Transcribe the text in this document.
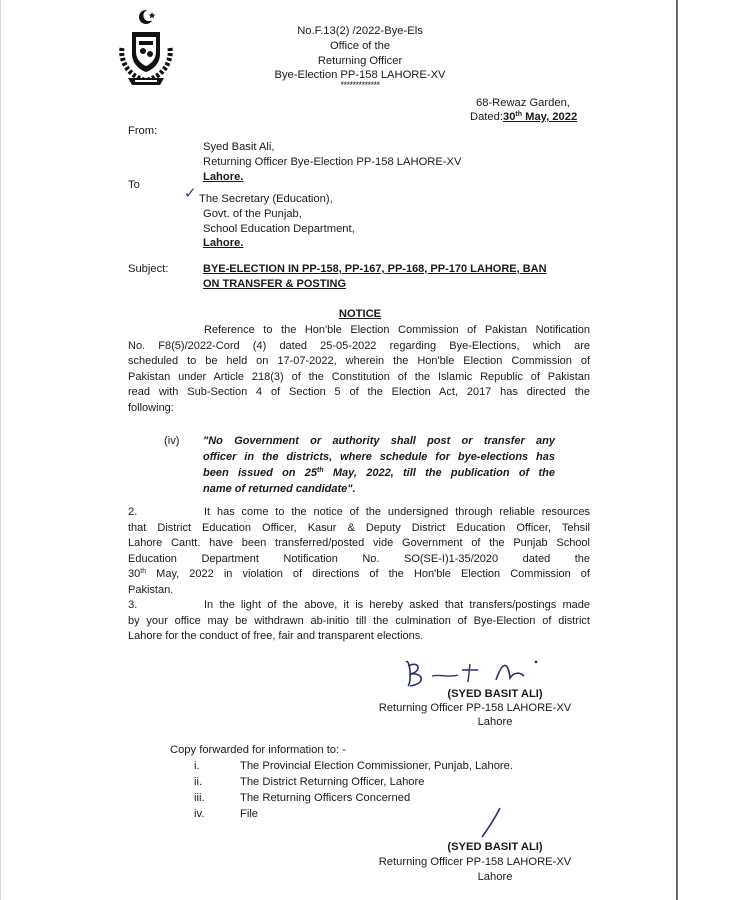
No.F.13(2) /2022-Bye-Els
Office of the
Returning Officer
Bye-Election PP-158 LAHORE-XV
*************
68-Rewaz Garden,
Dated:30th May, 2022
From:
Syed Basit Ali,
Returning Officer Bye-Election PP-158 LAHORE-XV
Lahore.
To	✓ The Secretary (Education),
Govt. of the Punjab,
School Education Department,
Lahore.
Subject:	BYE-ELECTION IN PP-158, PP-167, PP-168, PP-170 LAHORE, BAN
ON TRANSFER & POSTING
NOTICE
Reference to the Hon'ble Election Commission of Pakistan Notification
No. F8(5)/2022-Cord (4) dated 25-05-2022 regarding Bye-Elections, which are
scheduled to be held on 17-07-2022, wherein the Hon'ble Election Commission of
Pakistan under Article 218(3) of the Constitution of the Islamic Republic of Pakistan
read with Sub-Section 4 of Section 5 of the Election Act, 2017 has directed the
following:
(iv) "No Government or authority shall post or transfer any
officer in the districts, where schedule for bye-elections has
been issued on 25th May, 2022, till the publication of the
name of returned candidate".
2.	It has come to the notice of the undersigned through reliable resources
that District Education Officer, Kasur & Deputy District Education Officer, Tehsil
Lahore Cantt. have been transferred/posted vide Government of the Punjab School
Education     Department     Notification     No.     SO(SE-I)1-35/2020     dated     the
30th May, 2022 in violation of directions of the Hon'ble Election Commission of
Pakistan.
3.	In the light of the above, it is hereby asked that transfers/postings made
by your office may be withdrawn ab-initio till the culmination of Bye-Election of district
Lahore for the conduct of free, fair and transparent elections.
(SYED BASIT ALI)
Returning Officer PP-158 LAHORE-XV
Lahore
Copy forwarded for information to: -
i.	The Provincial Election Commissioner, Punjab, Lahore.
ii.	The District Returning Officer, Lahore
iii.	The Returning Officers Concerned
iv.	File
(SYED BASIT ALI)
Returning Officer PP-158 LAHORE-XV
Lahore
